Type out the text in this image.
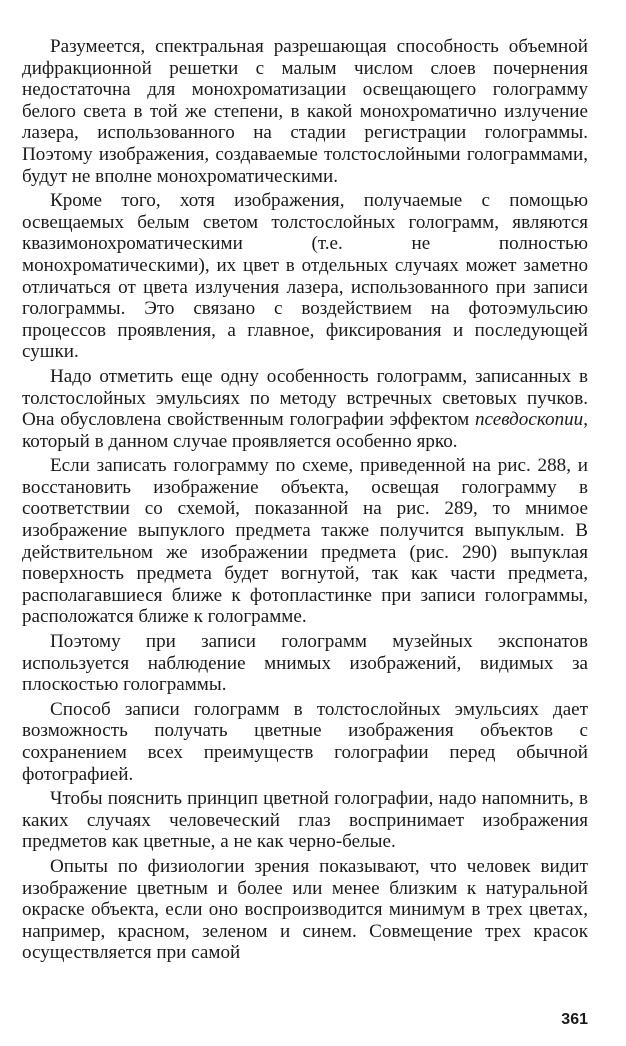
Разумеется, спектральная разрешающая способность объемной дифракционной решетки с малым числом слоев почернения недостаточна для монохроматизации освещающего голограмму белого света в той же степени, в какой монохроматично излучение лазера, использованного на стадии регистрации голограммы. Поэтому изображения, создаваемые толстослойными голограммами, будут не вполне монохроматическими.

Кроме того, хотя изображения, получаемые с помощью освещаемых белым светом толстослойных голограмм, являются квазимонохроматическими (т.е. не полностью монохроматическими), их цвет в отдельных случаях может заметно отличаться от цвета излучения лазера, использованного при записи голограммы. Это связано с воздействием на фотоэмульсию процессов проявления, а главное, фиксирования и последующей сушки.

Надо отметить еще одну особенность голограмм, записанных в толстослойных эмульсиях по методу встречных световых пучков. Она обусловлена свойственным голографии эффектом псевдоскопии, который в данном случае проявляется особенно ярко.

Если записать голограмму по схеме, приведенной на рис. 288, и восстановить изображение объекта, освещая голограмму в соответствии со схемой, показанной на рис. 289, то мнимое изображение выпуклого предмета также получится выпуклым. В действительном же изображении предмета (рис. 290) выпуклая поверхность предмета будет вогнутой, так как части предмета, располагавшиеся ближе к фотопластинке при записи голограммы, расположатся ближе к голограмме.

Поэтому при записи голограмм музейных экспонатов используется наблюдение мнимых изображений, видимых за плоскостью голограммы.

Способ записи голограмм в толстослойных эмульсиях дает возможность получать цветные изображения объектов с сохранением всех преимуществ голографии перед обычной фотографией.

Чтобы пояснить принцип цветной голографии, надо напомнить, в каких случаях человеческий глаз воспринимает изображения предметов как цветные, а не как черно-белые.

Опыты по физиологии зрения показывают, что человек видит изображение цветным и более или менее близким к натуральной окраске объекта, если оно воспроизводится минимум в трех цветах, например, красном, зеленом и синем. Совмещение трех красок осуществляется при самой

361
